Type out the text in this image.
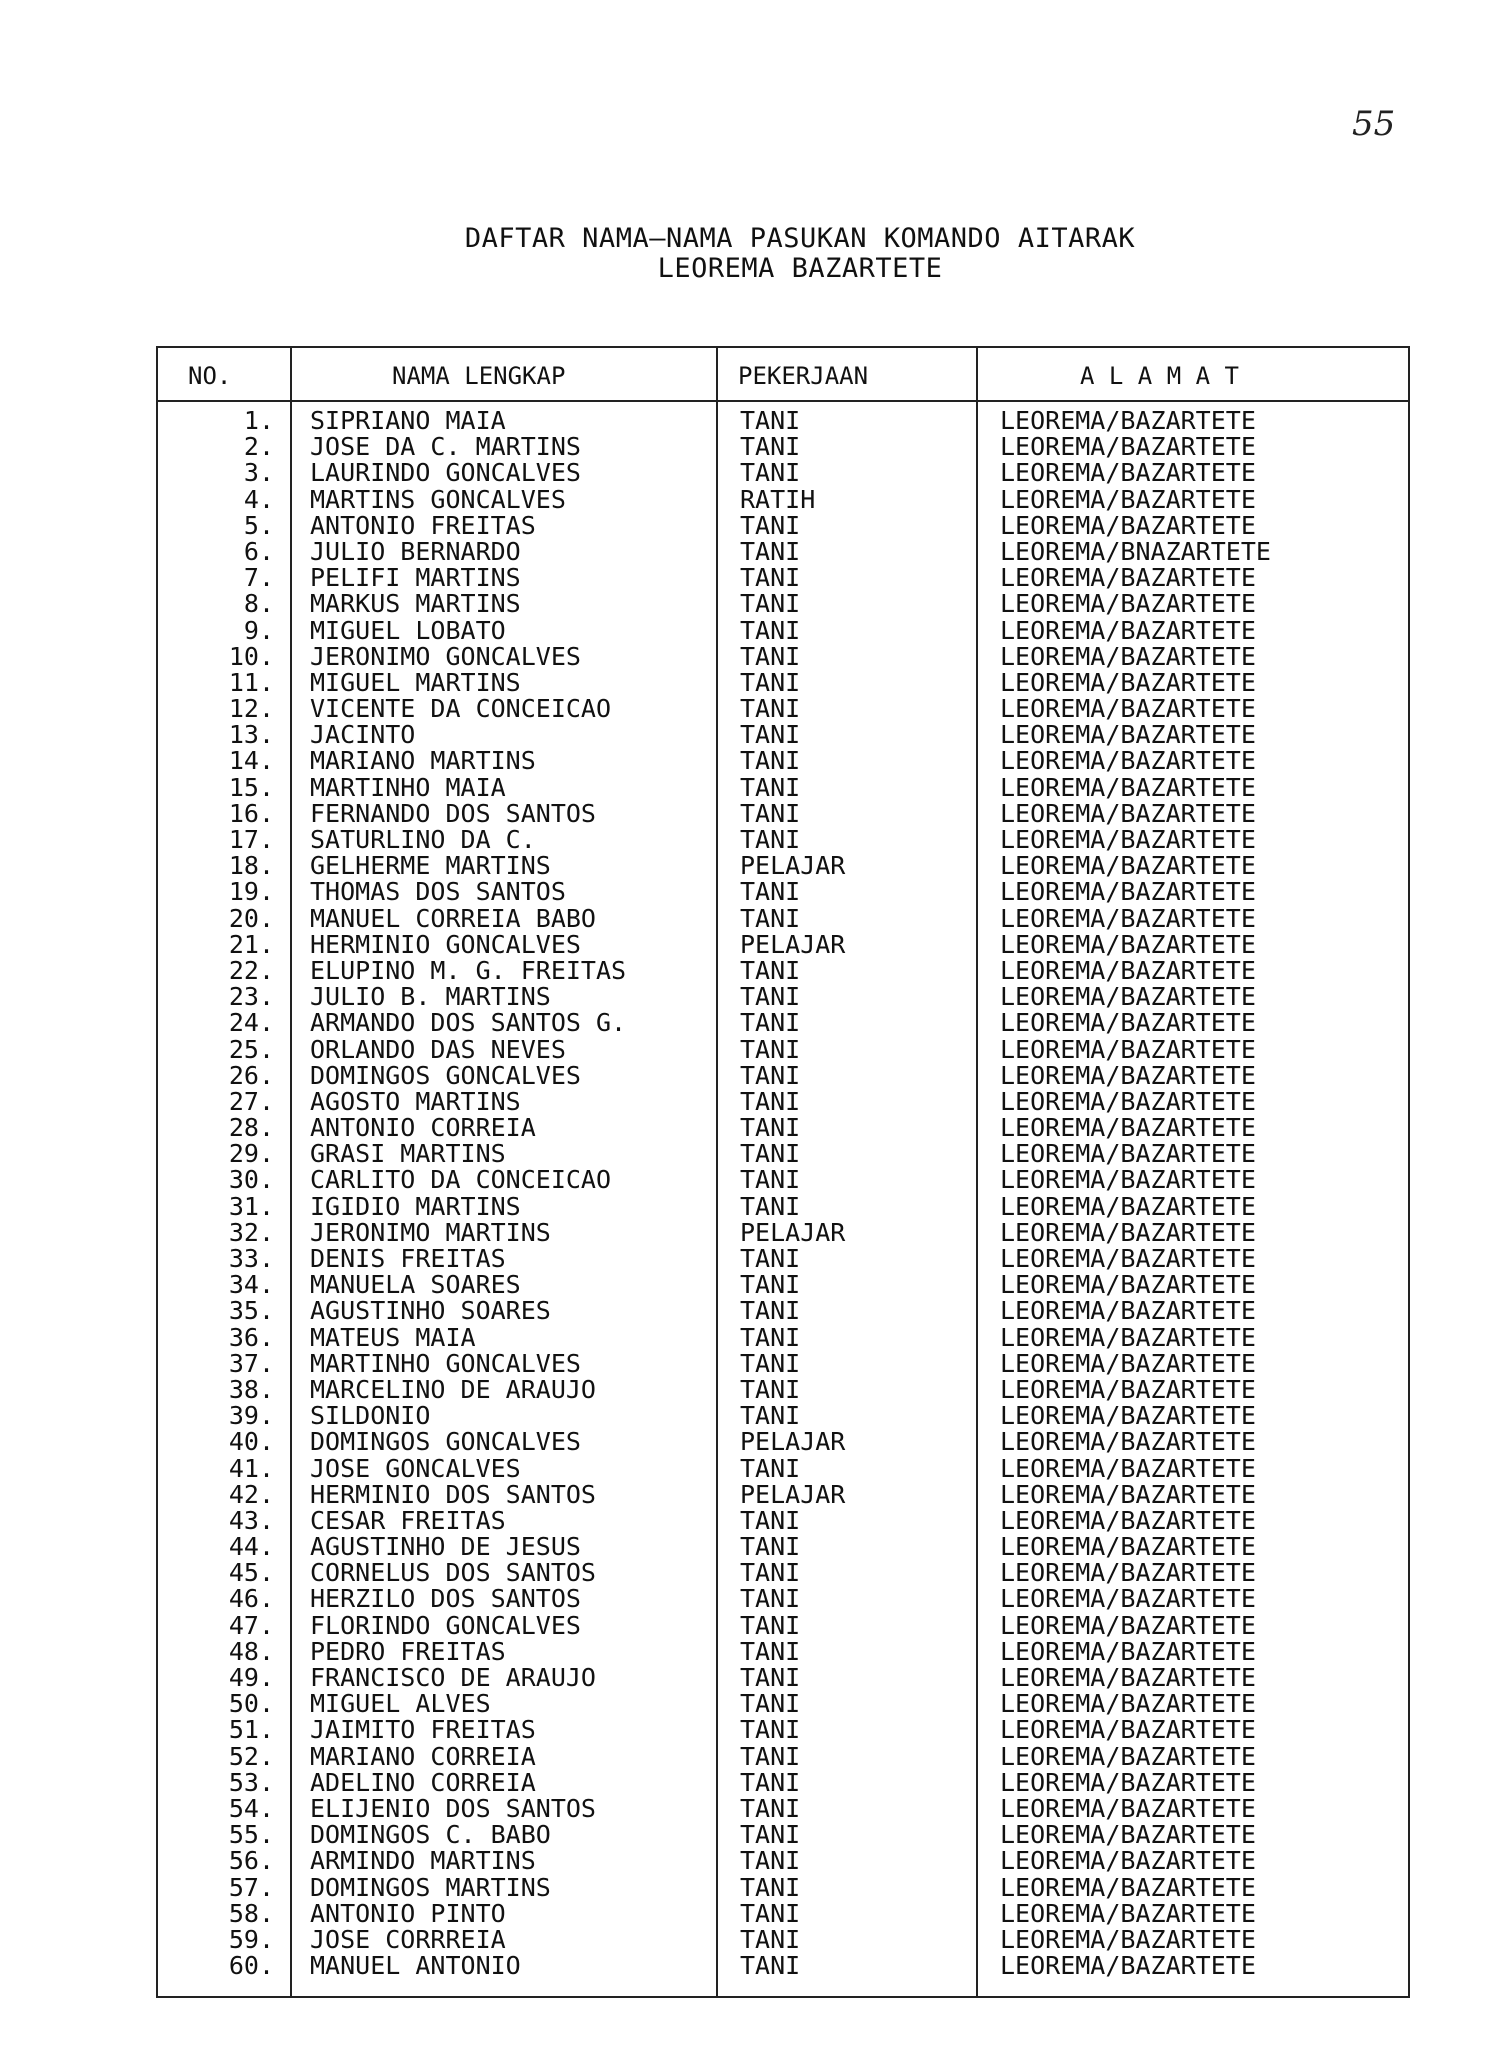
55
DAFTAR NAMA—NAMA PASUKAN KOMANDO AITARAK
LEOREMA BAZARTETE
NO.	NAMA LENGKAP	PEKERJAAN	A L A M A T
1. SIPRIANO MAIA	TANI	LEOREMA/BAZARTETE
2. JOSE DA C. MARTINS	TANI	LEOREMA/BAZARTETE
3. LAURINDO GONCALVES	TANI	LEOREMA/BAZARTETE
4. MARTINS GONCALVES	RATIH	LEOREMA/BAZARTETE
5. ANTONIO FREITAS	TANI	LEOREMA/BAZARTETE
6. JULIO BERNARDO	TANI	LEOREMA/BNAZARTETE
7. PELIFI MARTINS	TANI	LEOREMA/BAZARTETE
8. MARKUS MARTINS	TANI	LEOREMA/BAZARTETE
9. MIGUEL LOBATO	TANI	LEOREMA/BAZARTETE
10. JERONIMO GONCALVES	TANI	LEOREMA/BAZARTETE
11. MIGUEL MARTINS	TANI	LEOREMA/BAZARTETE
12. VICENTE DA CONCEICAO	TANI	LEOREMA/BAZARTETE
13. JACINTO	TANI	LEOREMA/BAZARTETE
14. MARIANO MARTINS	TANI	LEOREMA/BAZARTETE
15. MARTINHO MAIA	TANI	LEOREMA/BAZARTETE
16. FERNANDO DOS SANTOS	TANI	LEOREMA/BAZARTETE
17. SATURLINO DA C.	TANI	LEOREMA/BAZARTETE
18. GELHERME MARTINS	PELAJAR	LEOREMA/BAZARTETE
19. THOMAS DOS SANTOS	TANI	LEOREMA/BAZARTETE
20. MANUEL CORREIA BABO	TANI	LEOREMA/BAZARTETE
21. HERMINIO GONCALVES	PELAJAR	LEOREMA/BAZARTETE
22. ELUPINO M. G. FREITAS	TANI	LEOREMA/BAZARTETE
23. JULIO B. MARTINS	TANI	LEOREMA/BAZARTETE
24. ARMANDO DOS SANTOS G.	TANI	LEOREMA/BAZARTETE
25. ORLANDO DAS NEVES	TANI	LEOREMA/BAZARTETE
26. DOMINGOS GONCALVES	TANI	LEOREMA/BAZARTETE
27. AGOSTO MARTINS	TANI	LEOREMA/BAZARTETE
28. ANTONIO CORREIA	TANI	LEOREMA/BAZARTETE
29. GRASI MARTINS	TANI	LEOREMA/BAZARTETE
30. CARLITO DA CONCEICAO	TANI	LEOREMA/BAZARTETE
31. IGIDIO MARTINS	TANI	LEOREMA/BAZARTETE
32. JERONIMO MARTINS	PELAJAR	LEOREMA/BAZARTETE
33. DENIS FREITAS	TANI	LEOREMA/BAZARTETE
34. MANUELA SOARES	TANI	LEOREMA/BAZARTETE
35. AGUSTINHO SOARES	TANI	LEOREMA/BAZARTETE
36. MATEUS MAIA	TANI	LEOREMA/BAZARTETE
37. MARTINHO GONCALVES	TANI	LEOREMA/BAZARTETE
38. MARCELINO DE ARAUJO	TANI	LEOREMA/BAZARTETE
39. SILDONIO	TANI	LEOREMA/BAZARTETE
40. DOMINGOS GONCALVES	PELAJAR	LEOREMA/BAZARTETE
41. JOSE GONCALVES	TANI	LEOREMA/BAZARTETE
42. HERMINIO DOS SANTOS	PELAJAR	LEOREMA/BAZARTETE
43. CESAR FREITAS	TANI	LEOREMA/BAZARTETE
44. AGUSTINHO DE JESUS	TANI	LEOREMA/BAZARTETE
45. CORNELUS DOS SANTOS	TANI	LEOREMA/BAZARTETE
46. HERZILO DOS SANTOS	TANI	LEOREMA/BAZARTETE
47. FLORINDO GONCALVES	TANI	LEOREMA/BAZARTETE
48. PEDRO FREITAS	TANI	LEOREMA/BAZARTETE
49. FRANCISCO DE ARAUJO	TANI	LEOREMA/BAZARTETE
50. MIGUEL ALVES	TANI	LEOREMA/BAZARTETE
51. JAIMITO FREITAS	TANI	LEOREMA/BAZARTETE
52. MARIANO CORREIA	TANI	LEOREMA/BAZARTETE
53. ADELINO CORREIA	TANI	LEOREMA/BAZARTETE
54. ELIJENIO DOS SANTOS	TANI	LEOREMA/BAZARTETE
55. DOMINGOS C. BABO	TANI	LEOREMA/BAZARTETE
56. ARMINDO MARTINS	TANI	LEOREMA/BAZARTETE
57. DOMINGOS MARTINS	TANI	LEOREMA/BAZARTETE
58. ANTONIO PINTO	TANI	LEOREMA/BAZARTETE
59. JOSE CORRREIA	TANI	LEOREMA/BAZARTETE
60. MANUEL ANTONIO	TANI	LEOREMA/BAZARTETE
